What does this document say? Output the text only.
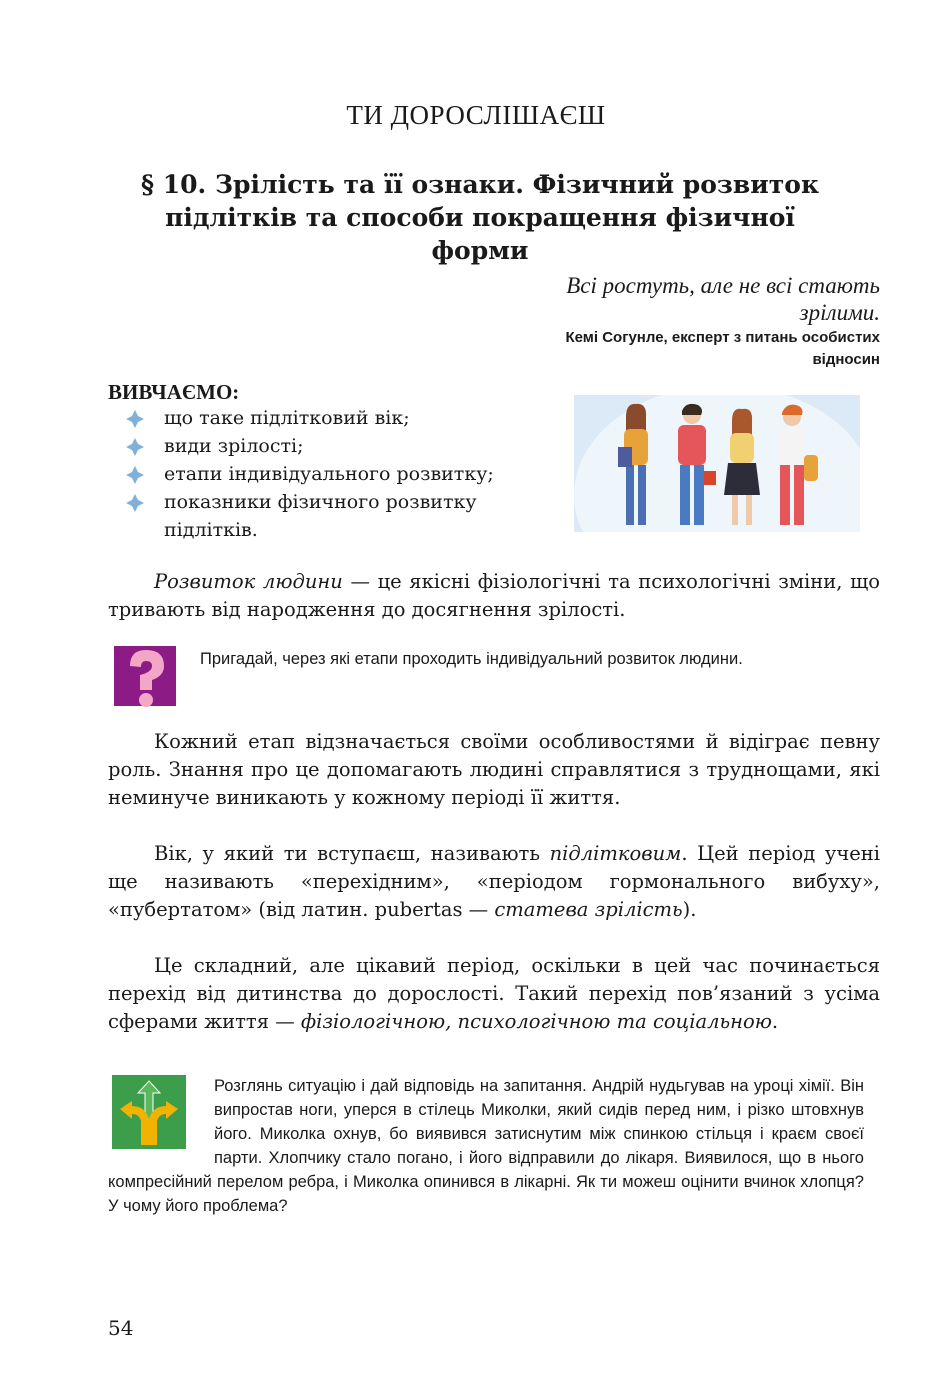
ТИ ДОРОСЛІШАЄШ
§ 10. Зрілість та її ознаки. Фізичний розвиток
підлітків та способи покращення фізичної форми
Всі ростуть, але не всі стають
зрілими.
Кемі Согунле, експерт з питань особистих
відносин
ВИВЧАЄМО:
що таке підлітковий вік;
види зрілості;
етапи індивідуального розвитку;
показники фізичного розвитку підлітків.
Розвиток людини — це якісні фізіологічні та психологічні зміни, що тривають від народження до досягнення зрілості.
Пригадай, через які етапи проходить індивідуальний розвиток людини.
Кожний етап відзначається своїми особливостями й відіграє певну роль. Знання про це допомагають людині справлятися з труднощами, які неминуче виникають у кожному періоді її життя.
Вік, у який ти вступаєш, називають підлітковим. Цей період учені ще називають «перехідним», «періодом гормонального вибуху», «пубертатом» (від латин. pubertas — статева зрілість).
Це складний, але цікавий період, оскільки в цей час починається перехід від дитинства до дорослості. Такий перехід пов’язаний з усіма сферами життя — фізіологічною, психологічною та соціальною.
Розглянь ситуацію і дай відповідь на запитання. Андрій нудьгував на уроці хімії. Він випростав ноги, уперся в стілець Миколки, який сидів перед ним, і різко штовхнув його. Миколка охнув, бо виявився затиснутим між спинкою стільця і краєм своєї парти. Хлопчику стало погано, і його відправили до лікаря. Виявилося, що в нього компресійний перелом ребра, і Миколка опинився в лікарні. Як ти можеш оцінити вчинок хлопця? У чому його проблема?
54
